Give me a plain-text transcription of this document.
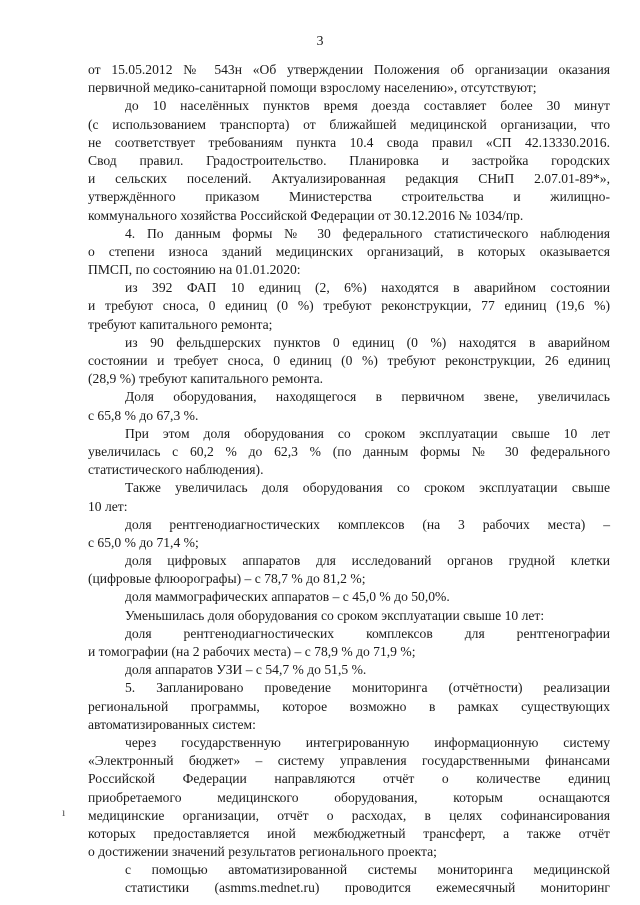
3
от 15.05.2012 № 543н «Об утверждении Положения об организации оказания
первичной медико-санитарной помощи взрослому населению», отсутствуют;
до 10 населённых пунктов время доезда составляет более 30 минут
(с использованием транспорта) от ближайшей медицинской организации, что
не соответствует требованиям пункта 10.4 свода правил «СП 42.13330.2016.
Свод правил. Градостроительство. Планировка и застройка городских
и сельских поселений. Актуализированная редакция СНиП 2.07.01-89*»,
утверждённого приказом Министерства строительства и жилищно-
коммунального хозяйства Российской Федерации от 30.12.2016 № 1034/пр.
4. По данным формы № 30 федерального статистического наблюдения
о степени износа зданий медицинских организаций, в которых оказывается
ПМСП, по состоянию на 01.01.2020:
из 392 ФАП 10 единиц (2, 6%) находятся в аварийном состоянии
и требуют сноса, 0 единиц (0 %) требуют реконструкции, 77 единиц (19,6 %)
требуют капитального ремонта;
из 90 фельдшерских пунктов 0 единиц (0 %) находятся в аварийном
состоянии и требует сноса, 0 единиц (0 %) требуют реконструкции, 26 единиц
(28,9 %) требуют капитального ремонта.
Доля оборудования, находящегося в первичном звене, увеличилась
с 65,8 % до 67,3 %.
При этом доля оборудования со сроком эксплуатации свыше 10 лет
увеличилась с 60,2 % до 62,3 % (по данным формы № 30 федерального
статистического наблюдения).
Также увеличилась доля оборудования со сроком эксплуатации свыше
10 лет:
доля рентгенодиагностических комплексов (на 3 рабочих места) –
с 65,0 % до 71,4 %;
доля цифровых аппаратов для исследований органов грудной клетки
(цифровые флюорографы) – с 78,7 % до 81,2 %;
доля маммографических аппаратов – с 45,0 % до 50,0%.
Уменьшилась доля оборудования со сроком эксплуатации свыше 10 лет:
доля рентгенодиагностических комплексов для рентгенографии
и томографии (на 2 рабочих места) – с 78,9 % до 71,9 %;
доля аппаратов УЗИ – с 54,7 % до 51,5 %.
5. Запланировано проведение мониторинга (отчётности) реализации
региональной программы, которое возможно в рамках существующих
автоматизированных систем:
через государственную интегрированную информационную систему
«Электронный бюджет» – систему управления государственными финансами
Российской Федерации направляются отчёт о количестве единиц
приобретаемого медицинского оборудования, которым оснащаются
медицинские организации, отчёт о расходах, в целях софинансирования
которых предоставляется иной межбюджетный трансферт, а также отчёт
о достижении значений результатов регионального проекта;
с помощью автоматизированной системы мониторинга медицинской
статистики (asmms.mednet.ru) проводится ежемесячный мониторинг
ı
